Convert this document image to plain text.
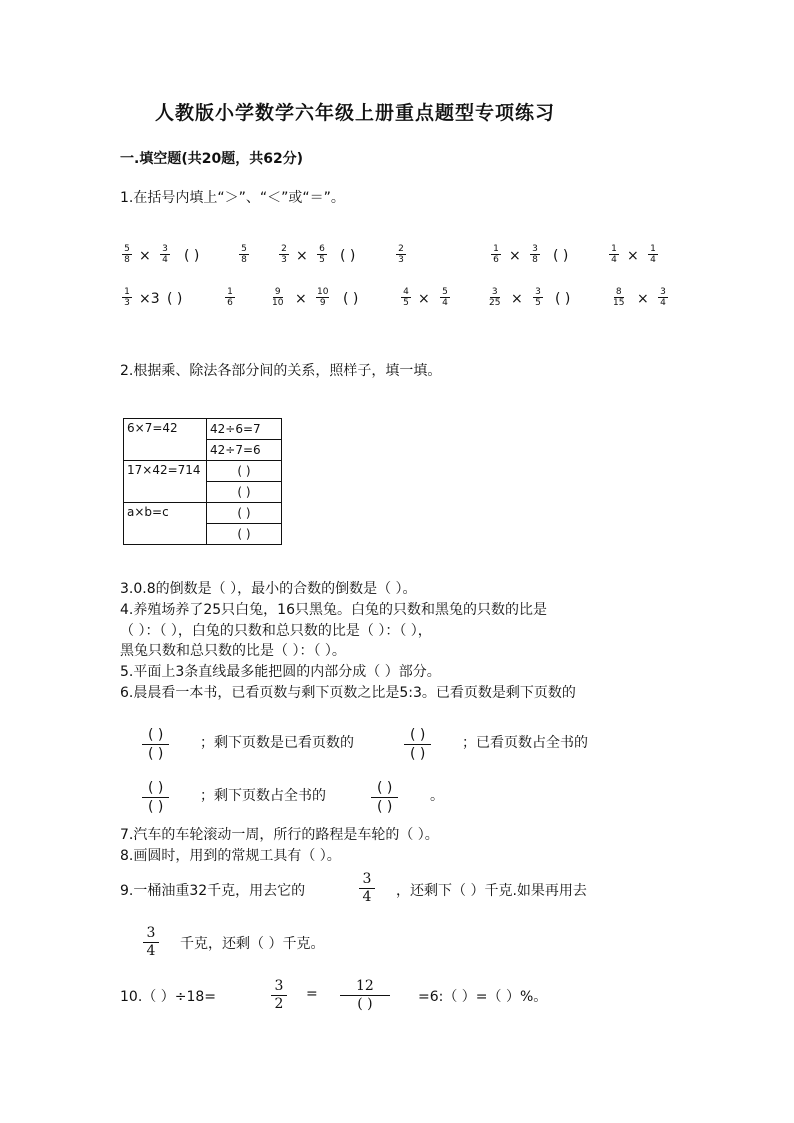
人教版小学数学六年级上册重点题型专项练习
一.填空题(共20题，共62分)
1.在括号内填上“＞”、“＜”或“＝”。
$\frac{5}{8} \times \frac{3}{4}$ ( )	$\frac{5}{8}$	$\frac{2}{3} \times \frac{6}{5}$ ( )	$\frac{2}{3}$	$\frac{1}{6} \times \frac{3}{8}$ ( )	$\frac{1}{4} \times \frac{1}{4}$
$\frac{1}{3} \times 3$ ( )	$\frac{1}{6}$	$\frac{9}{10} \times \frac{10}{9}$ ( )	$\frac{4}{5} \times \frac{5}{4}$	$\frac{3}{25} \times \frac{3}{5}$ ( )	$\frac{8}{15} \times \frac{3}{4}$
2.根据乘、除法各部分间的关系，照样子，填一填。
6×7=42	42÷6=7
	42÷7=6
17×42=714	( )
	( )
a×b=c	( )
	( )
3.0.8的倒数是（ ），最小的合数的倒数是（ ）。
4.养殖场养了25只白兔，16只黑兔。白兔的只数和黑兔的只数的比是
（ ）：（ ），白兔的只数和总只数的比是（ ）：（ ），
黑兔只数和总只数的比是（ ）：（ ）。
5.平面上3条直线最多能把圆的内部分成（ ）部分。
6.晨晨看一本书，已看页数与剩下页数之比是5:3。已看页数是剩下页数的
( )
( )
；剩下页数是已看页数的	( )
( )
；已看页数占全书的
( )
( )
；剩下页数占全书的	( )
( )
。
7.汽车的车轮滚动一周，所行的路程是车轮的（ ）。
8.画圆时，用到的常规工具有（ ）。
9.一桶油重32千克，用去它的	$\frac{3}{4}$ ，还剩下（ ）千克.如果再用去
$\frac{3}{4}$ 千克，还剩（ ）千克。
10.（ ）÷18=	$\frac{3}{2}$ =	12
( )	=6:（ ）=（ ）%。
